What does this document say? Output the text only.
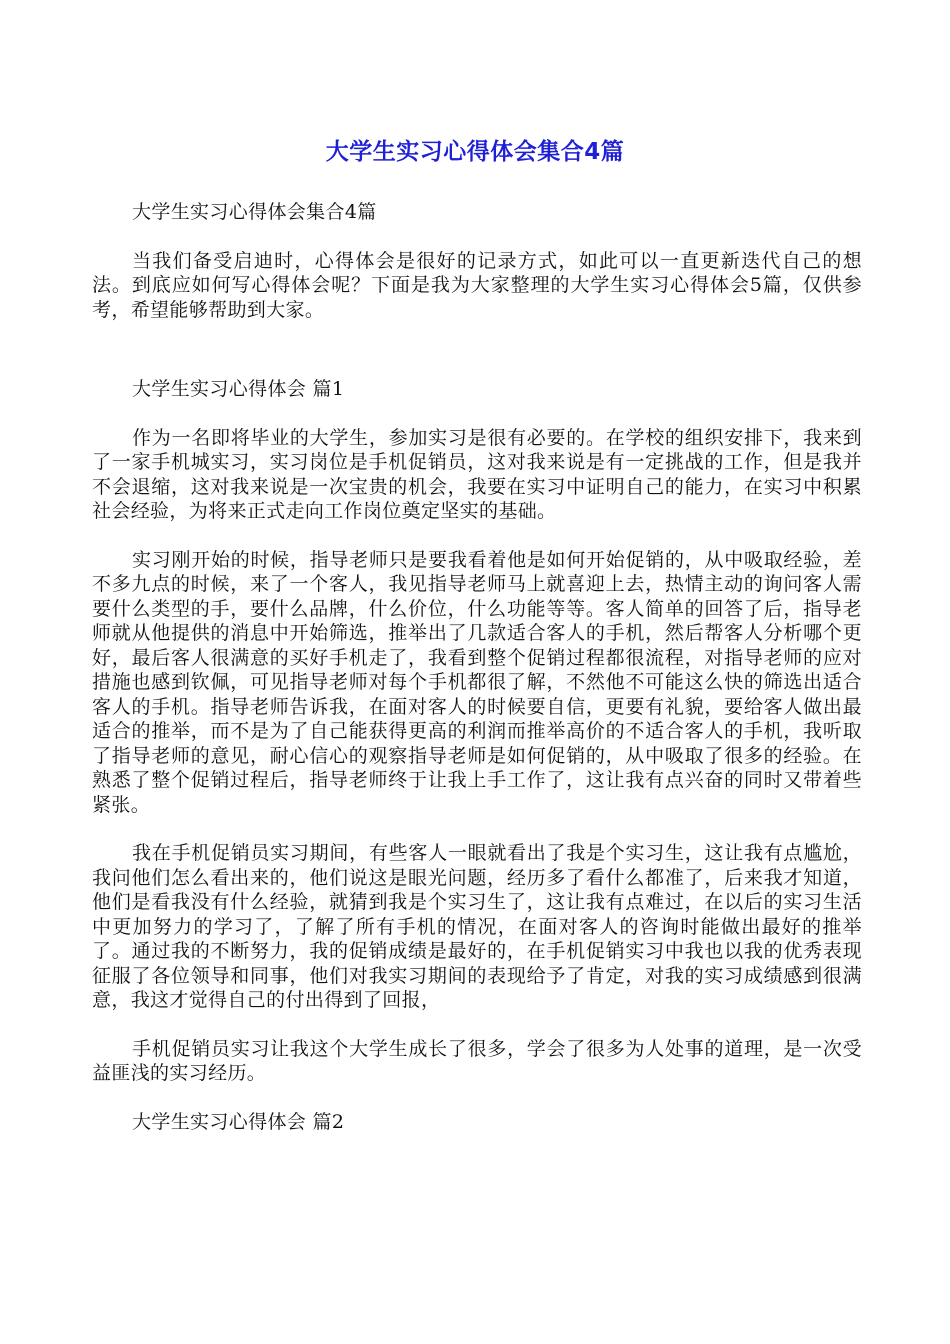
大学生实习心得体会集合4篇

大学生实习心得体会集合4篇

当我们备受启迪时，心得体会是很好的记录方式，如此可以一直更新迭代自己的想法。到底应如何写心得体会呢？下面是我为大家整理的大学生实习心得体会5篇，仅供参考，希望能够帮助到大家。

大学生实习心得体会 篇1

作为一名即将毕业的大学生，参加实习是很有必要的。在学校的组织安排下，我来到了一家手机城实习，实习岗位是手机促销员，这对我来说是有一定挑战的工作，但是我并不会退缩，这对我来说是一次宝贵的机会，我要在实习中证明自己的能力，在实习中积累社会经验，为将来正式走向工作岗位奠定坚实的基础。

实习刚开始的时候，指导老师只是要我看着他是如何开始促销的，从中吸取经验，差不多九点的时候，来了一个客人，我见指导老师马上就喜迎上去，热情主动的询问客人需要什么类型的手，要什么品牌，什么价位，什么功能等等。客人简单的回答了后，指导老师就从他提供的消息中开始筛选，推举出了几款适合客人的手机，然后帮客人分析哪个更好，最后客人很满意的买好手机走了，我看到整个促销过程都很流程，对指导老师的应对措施也感到钦佩，可见指导老师对每个手机都很了解，不然他不可能这么快的筛选出适合客人的手机。指导老师告诉我，在面对客人的时候要自信，更要有礼貌，要给客人做出最适合的推举，而不是为了自己能获得更高的利润而推举高价的不适合客人的手机，我听取了指导老师的意见，耐心信心的观察指导老师是如何促销的，从中吸取了很多的经验。在熟悉了整个促销过程后，指导老师终于让我上手工作了，这让我有点兴奋的同时又带着些紧张。

我在手机促销员实习期间，有些客人一眼就看出了我是个实习生，这让我有点尴尬，我问他们怎么看出来的，他们说这是眼光问题，经历多了看什么都准了，后来我才知道，他们是看我没有什么经验，就猜到我是个实习生了，这让我有点难过，在以后的实习生活中更加努力的学习了，了解了所有手机的情况，在面对客人的咨询时能做出最好的推举了。通过我的不断努力，我的促销成绩是最好的，在手机促销实习中我也以我的优秀表现征服了各位领导和同事，他们对我实习期间的表现给予了肯定，对我的实习成绩感到很满意，我这才觉得自己的付出得到了回报，

手机促销员实习让我这个大学生成长了很多，学会了很多为人处事的道理，是一次受益匪浅的实习经历。

大学生实习心得体会 篇2
